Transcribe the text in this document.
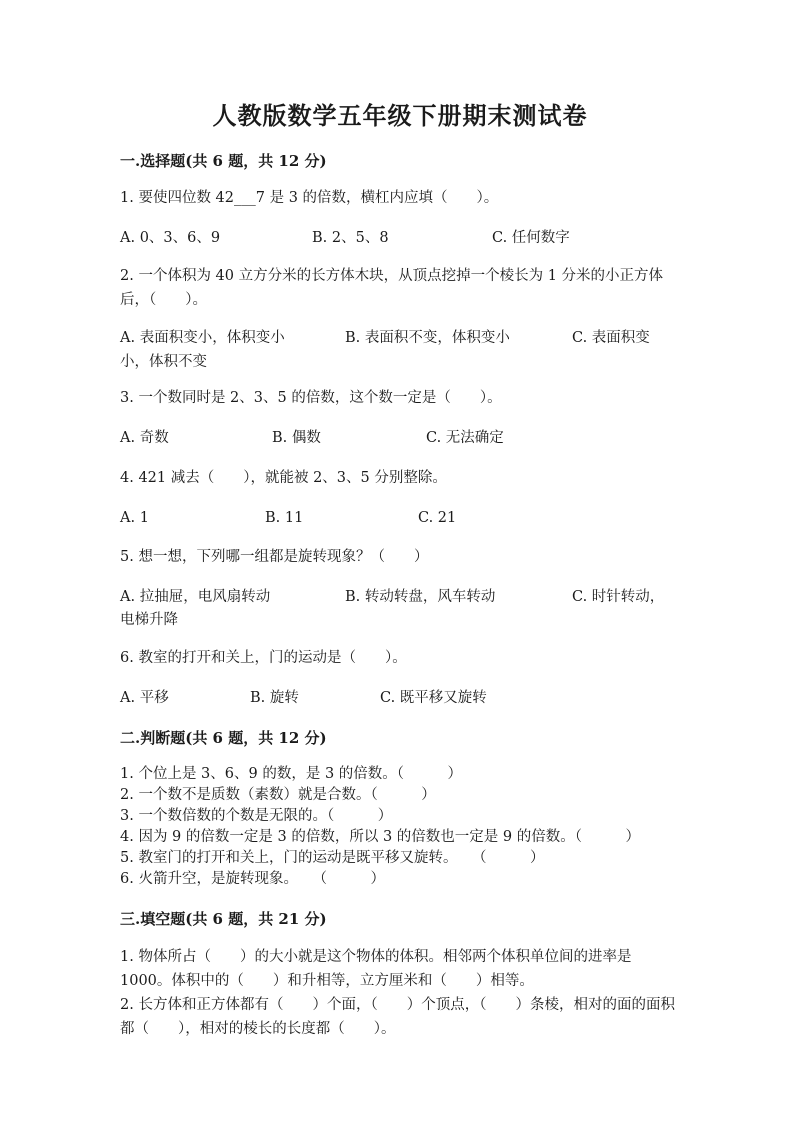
人教版数学五年级下册期末测试卷
一.选择题(共 6 题，共 12 分)
1. 要使四位数 42___7 是 3 的倍数，横杠内应填（　　）。
A. 0、3、6、9	B. 2、5、8	C. 任何数字
2. 一个体积为 40 立方分米的长方体木块，从顶点挖掉一个棱长为 1 分米的小正方体后，（　　）。
A. 表面积变小，体积变小	B. 表面积不变，体积变小	C. 表面积变
小，体积不变
3. 一个数同时是 2、3、5 的倍数，这个数一定是（　　）。
A. 奇数	B. 偶数	C. 无法确定
4. 421 减去（　　），就能被 2、3、5 分别整除。
A. 1	B. 11	C. 21
5. 想一想，下列哪一组都是旋转现象？（　　）
A. 拉抽屉，电风扇转动	B. 转动转盘，风车转动	C. 时针转动，
电梯升降
6. 教室的打开和关上，门的运动是（　　）。
A. 平移	B. 旋转	C. 既平移又旋转
二.判断题(共 6 题，共 12 分)
1. 个位上是 3、6、9 的数，是 3 的倍数。（　　　）
2. 一个数不是质数（素数）就是合数。（　　　）
3. 一个数倍数的个数是无限的。（　　　）
4. 因为 9 的倍数一定是 3 的倍数，所以 3 的倍数也一定是 9 的倍数。（　　　）
5. 教室门的打开和关上，门的运动是既平移又旋转。　　（　　　）
6. 火箭升空，是旋转现象。　　（　　　）
三.填空题(共 6 题，共 21 分)
1. 物体所占（　　）的大小就是这个物体的体积。相邻两个体积单位间的进率是 1000。体积中的（　　）和升相等，立方厘米和（　　）相等。
2. 长方体和正方体都有（　　）个面，（　　）个顶点，（　　）条棱，相对的面的面积都（　　），相对的棱长的长度都（　　）。
